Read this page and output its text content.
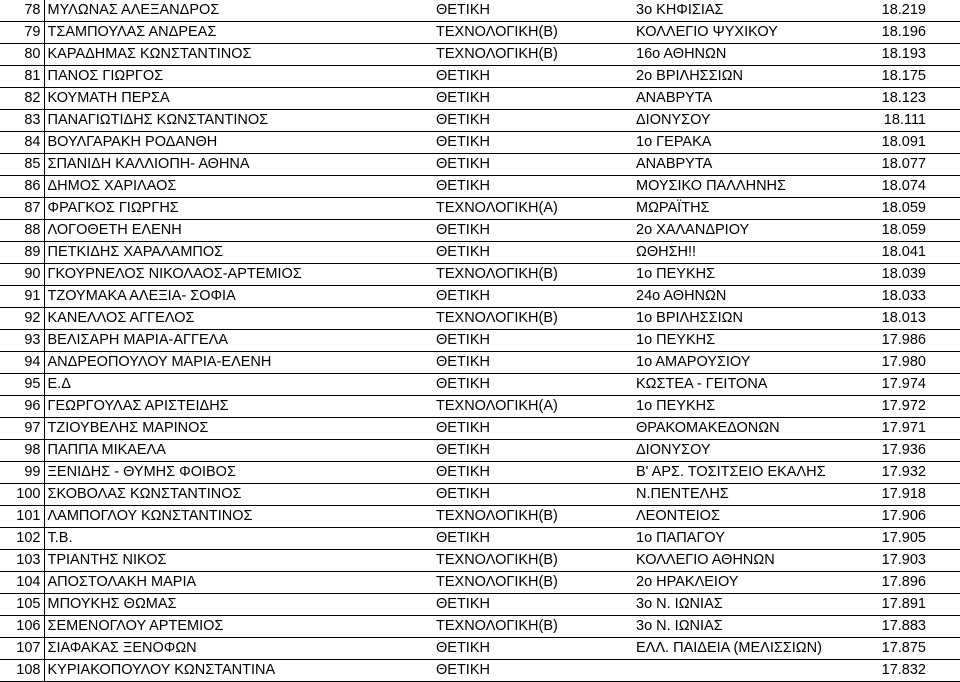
78	ΜΥΛΩΝΑΣ ΑΛΕΞΑΝΔΡΟΣ	ΘΕΤΙΚΗ	3ο ΚΗΦΙΣΙΑΣ	18.219
79	ΤΣΑΜΠΟΥΛΑΣ ΑΝΔΡΕΑΣ	ΤΕΧΝΟΛΟΓΙΚΗ(Β)	ΚΟΛΛΕΓΙΟ ΨΥΧΙΚΟΥ	18.196
80	ΚΑΡΑΔΗΜΑΣ ΚΩΝΣΤΑΝΤΙΝΟΣ	ΤΕΧΝΟΛΟΓΙΚΗ(Β)	16ο ΑΘΗΝΩΝ	18.193
81	ΠΑΝΟΣ ΓΙΩΡΓΟΣ	ΘΕΤΙΚΗ	2ο ΒΡΙΛΗΣΣΙΩΝ	18.175
82	ΚΟΥΜΑΤΗ ΠΕΡΣΑ	ΘΕΤΙΚΗ	ΑΝΑΒΡΥΤΑ	18.123
83	ΠΑΝΑΓΙΩΤΙΔΗΣ ΚΩΝΣΤΑΝΤΙΝΟΣ	ΘΕΤΙΚΗ	ΔΙΟΝΥΣΟΥ	18.111
84	ΒΟΥΛΓΑΡΑΚΗ ΡΟΔΑΝΘΗ	ΘΕΤΙΚΗ	1ο ΓΕΡΑΚΑ	18.091
85	ΣΠΑΝΙΔΗ ΚΑΛΛΙΟΠΗ- ΑΘΗΝΑ	ΘΕΤΙΚΗ	ΑΝΑΒΡΥΤΑ	18.077
86	ΔΗΜΟΣ ΧΑΡΙΛΑΟΣ	ΘΕΤΙΚΗ	ΜΟΥΣΙΚΟ ΠΑΛΛΗΝΗΣ	18.074
87	ΦΡΑΓΚΟΣ ΓΙΩΡΓΗΣ	ΤΕΧΝΟΛΟΓΙΚΗ(Α)	ΜΩΡΑΪΤΗΣ	18.059
88	ΛΟΓΟΘΕΤΗ ΕΛΕΝΗ	ΘΕΤΙΚΗ	2ο ΧΑΛΑΝΔΡΙΟΥ	18.059
89	ΠΕΤΚΙΔΗΣ ΧΑΡΑΛΑΜΠΟΣ	ΘΕΤΙΚΗ	ΩΘΗΣΗ!!	18.041
90	ΓΚΟΥΡΝΕΛΟΣ ΝΙΚΟΛΑΟΣ-ΑΡΤΕΜΙΟΣ	ΤΕΧΝΟΛΟΓΙΚΗ(Β)	1ο ΠΕΥΚΗΣ	18.039
91	ΤΖΟΥΜΑΚΑ ΑΛΕΞΙΑ- ΣΟΦΙΑ	ΘΕΤΙΚΗ	24ο ΑΘΗΝΩΝ	18.033
92	ΚΑΝΕΛΛΟΣ ΑΓΓΕΛΟΣ	ΤΕΧΝΟΛΟΓΙΚΗ(Β)	1ο ΒΡΙΛΗΣΣΙΩΝ	18.013
93	ΒΕΛΙΣΑΡΗ ΜΑΡΙΑ-ΑΓΓΕΛΑ	ΘΕΤΙΚΗ	1ο ΠΕΥΚΗΣ	17.986
94	ΑΝΔΡΕΟΠΟΥΛΟΥ ΜΑΡΙΑ-ΕΛΕΝΗ	ΘΕΤΙΚΗ	1ο ΑΜΑΡΟΥΣΙΟΥ	17.980
95	Ε.Δ	ΘΕΤΙΚΗ	ΚΩΣΤΕΑ - ΓΕΙΤΟΝΑ	17.974
96	ΓΕΩΡΓΟΥΛΑΣ ΑΡΙΣΤΕΙΔΗΣ	ΤΕΧΝΟΛΟΓΙΚΗ(Α)	1ο ΠΕΥΚΗΣ	17.972
97	ΤΖΙΟΥΒΕΛΗΣ ΜΑΡΙΝΟΣ	ΘΕΤΙΚΗ	ΘΡΑΚΟΜΑΚΕΔΟΝΩΝ	17.971
98	ΠΑΠΠΑ ΜΙΚΑΕΛΑ	ΘΕΤΙΚΗ	ΔΙΟΝΥΣΟΥ	17.936
99	ΞΕΝΙΔΗΣ - ΘΥΜΗΣ ΦΟΙΒΟΣ	ΘΕΤΙΚΗ	Β' ΑΡΣ. ΤΟΣΙΤΣΕΙΟ ΕΚΑΛΗΣ	17.932
100	ΣΚΟΒΟΛΑΣ ΚΩΝΣΤΑΝΤΙΝΟΣ	ΘΕΤΙΚΗ	Ν.ΠΕΝΤΕΛΗΣ	17.918
101	ΛΑΜΠΟΓΛΟΥ ΚΩΝΣΤΑΝΤΙΝΟΣ	ΤΕΧΝΟΛΟΓΙΚΗ(Β)	ΛΕΟΝΤΕΙΟΣ	17.906
102	Τ.Β.	ΘΕΤΙΚΗ	1ο ΠΑΠΑΓΟΥ	17.905
103	ΤΡΙΑΝΤΗΣ ΝΙΚΟΣ	ΤΕΧΝΟΛΟΓΙΚΗ(Β)	ΚΟΛΛΕΓΙΟ ΑΘΗΝΩΝ	17.903
104	ΑΠΟΣΤΟΛΑΚΗ ΜΑΡΙΑ	ΤΕΧΝΟΛΟΓΙΚΗ(Β)	2ο ΗΡΑΚΛΕΙΟΥ	17.896
105	ΜΠΟΥΚΗΣ ΘΩΜΑΣ	ΘΕΤΙΚΗ	3ο Ν. ΙΩΝΙΑΣ	17.891
106	ΣΕΜΕΝΟΓΛΟΥ ΑΡΤΕΜΙΟΣ	ΤΕΧΝΟΛΟΓΙΚΗ(Β)	3ο Ν. ΙΩΝΙΑΣ	17.883
107	ΣΙΑΦΑΚΑΣ ΞΕΝΟΦΩΝ	ΘΕΤΙΚΗ	ΕΛΛ. ΠΑΙΔΕΙΑ (ΜΕΛΙΣΣΙΩΝ)	17.875
108	ΚΥΡΙΑΚΟΠΟΥΛΟΥ ΚΩΝΣΤΑΝΤΙΝΑ	ΘΕΤΙΚΗ		17.832
